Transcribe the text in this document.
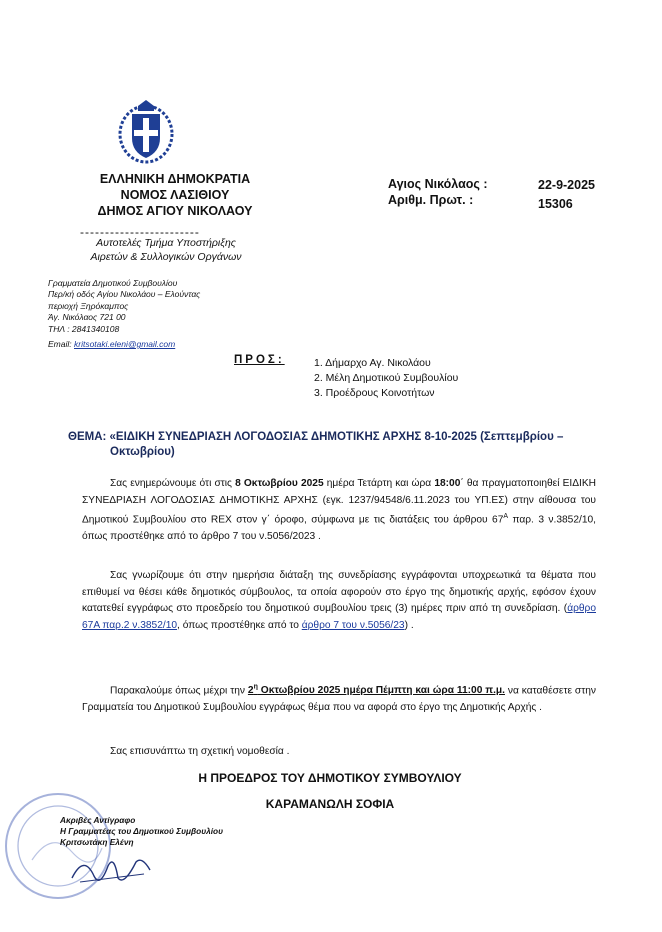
ΕΛΛΗΝΙΚΗ ΔΗΜΟΚΡΑΤΙΑ
ΝΟΜΟΣ ΛΑΣΙΘΙΟΥ
ΔΗΜΟΣ ΑΓΙΟΥ ΝΙΚΟΛΑΟΥ
------------------------
Αυτοτελές Τμήμα Υποστήριξης
Αιρετών & Συλλογικών Οργάνων
Γραμματεία Δημοτικού Συμβουλίου
Περ/κή οδός Αγίου Νικολάου – Ελούντας
περιοχή Ξηρόκαμπος
Άγ. Νικόλαος 721 00
ΤΗΛ : 2841340108
Email: kritsotaki.eleni@gmail.com
Αγιος Νικόλαος :	22-9-2025
Αριθμ. Πρωτ. :	15306
ΠΡΟΣ:	1. Δήμαρχο Αγ. Νικολάου
2. Μέλη Δημοτικού Συμβουλίου
3. Προέδρους Κοινοτήτων
ΘΕΜΑ: «ΕΙΔΙΚΗ ΣΥΝΕΔΡΙΑΣΗ ΛΟΓΟΔΟΣΙΑΣ ΔΗΜΟΤΙΚΗΣ ΑΡΧΗΣ 8-10-2025 (Σεπτεμβρίου –
Οκτωβρίου)
Σας ενημερώνουμε ότι στις 8 Οκτωβρίου 2025 ημέρα Τετάρτη και ώρα 18:00΄ θα πραγματοποιηθεί ΕΙΔΙΚΗ ΣΥΝΕΔΡΙΑΣΗ ΛΟΓΟΔΟΣΙΑΣ ΔΗΜΟΤΙΚΗΣ ΑΡΧΗΣ (εγκ. 1237/94548/6.11.2023 του ΥΠ.ΕΣ) στην αίθουσα του Δημοτικού Συμβουλίου στο REX στον γ΄ όροφο, σύμφωνα με τις διατάξεις του άρθρου $67^A$ παρ. 3 ν.3852/10, όπως προστέθηκε από το άρθρο 7 του ν.5056/2023 .
Σας γνωρίζουμε ότι στην ημερήσια διάταξη της συνεδρίασης εγγράφονται υποχρεωτικά τα θέματα που επιθυμεί να θέσει κάθε δημοτικός σύμβουλος, τα οποία αφορούν στο έργο της δημοτικής αρχής, εφόσον έχουν κατατεθεί εγγράφως στο προεδρείο του δημοτικού συμβουλίου τρεις (3) ημέρες πριν από τη συνεδρίαση. (άρθρο 67Α παρ.2 ν.3852/10, όπως προστέθηκε από το άρθρο 7 του ν.5056/23) .
Παρακαλούμε όπως μέχρι την $2^\eta$ Οκτωβρίου 2025 ημέρα Πέμπτη και ώρα 11:00 π.μ. να καταθέσετε στην Γραμματεία του Δημοτικού Συμβουλίου εγγράφως θέμα που να αφορά στο έργο της Δημοτικής Αρχής .
Σας επισυνάπτω τη σχετική νομοθεσία .
Η ΠΡΟΕΔΡΟΣ ΤΟΥ ΔΗΜΟΤΙΚΟΥ ΣΥΜΒΟΥΛΙΟΥ
ΚΑΡΑΜΑΝΩΛΗ ΣΟΦΙΑ
Ακριβές Αντίγραφο
Η Γραμματέας του Δημοτικού Συμβουλίου
Κριτσωτάκη Ελένη
